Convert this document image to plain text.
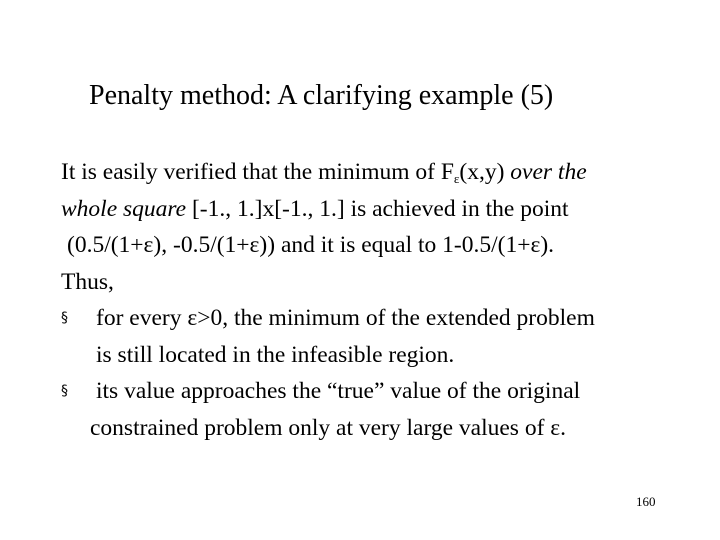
Penalty method: A clarifying example (5)
It is easily verified that the minimum of $F_\varepsilon(x,y)$ over the
whole square [-1., 1.]x[-1., 1.] is achieved in the point
(0.5/(1+ε), -0.5/(1+ε)) and it is equal to 1-0.5/(1+ε).
Thus,
§ for every ε>0, the minimum of the extended problem
is still located in the infeasible region.
§ its value approaches the “true” value of the original
constrained problem only at very large values of ε.
160
